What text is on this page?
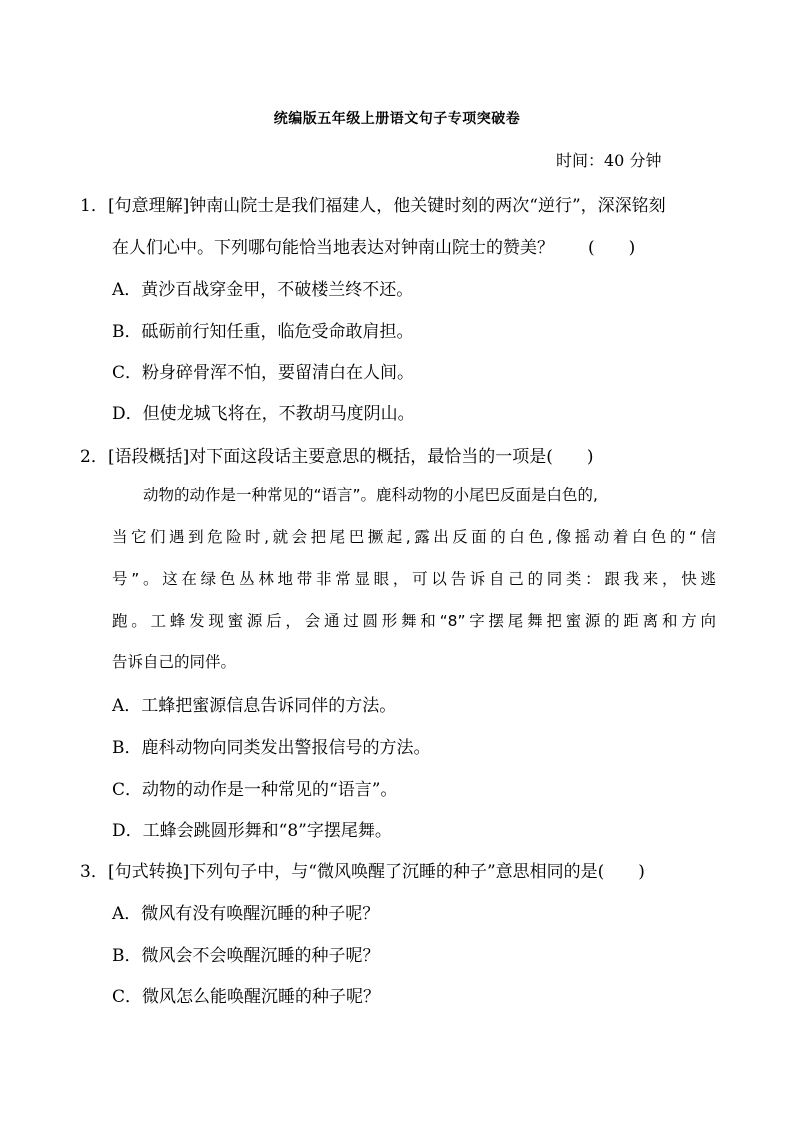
统编版五年级上册语文句子专项突破卷
时间：40 分钟
1． [句意理解]钟南山院士是我们福建人，他关键时刻的两次“逆行”，深深铭刻
在人们心中。下列哪句能恰当地表达对钟南山院士的赞美？　　(　　)
A．黄沙百战穿金甲，不破楼兰终不还。
B．砥砺前行知任重，临危受命敢肩担。
C．粉身碎骨浑不怕，要留清白在人间。
D．但使龙城飞将在，不教胡马度阴山。
2． [语段概括]对下面这段话主要意思的概括，最恰当的一项是(　　)
　　动物的动作是一种常见的“语言”。鹿科动物的小尾巴反面是白色的,
当它们遇到危险时,就会把尾巴撅起,露出反面的白色,像摇动着白色的“信
号”。这在绿色丛林地带非常显眼，可以告诉自己的同类：跟我来，快逃
跑。工蜂发现蜜源后，会通过圆形舞和“8”字摆尾舞把蜜源的距离和方向
告诉自己的同伴。
A．工蜂把蜜源信息告诉同伴的方法。
B．鹿科动物向同类发出警报信号的方法。
C．动物的动作是一种常见的“语言”。
D．工蜂会跳圆形舞和“8”字摆尾舞。
3． [句式转换]下列句子中，与“微风唤醒了沉睡的种子”意思相同的是(　　)
A．微风有没有唤醒沉睡的种子呢？
B．微风会不会唤醒沉睡的种子呢？
C．微风怎么能唤醒沉睡的种子呢？
